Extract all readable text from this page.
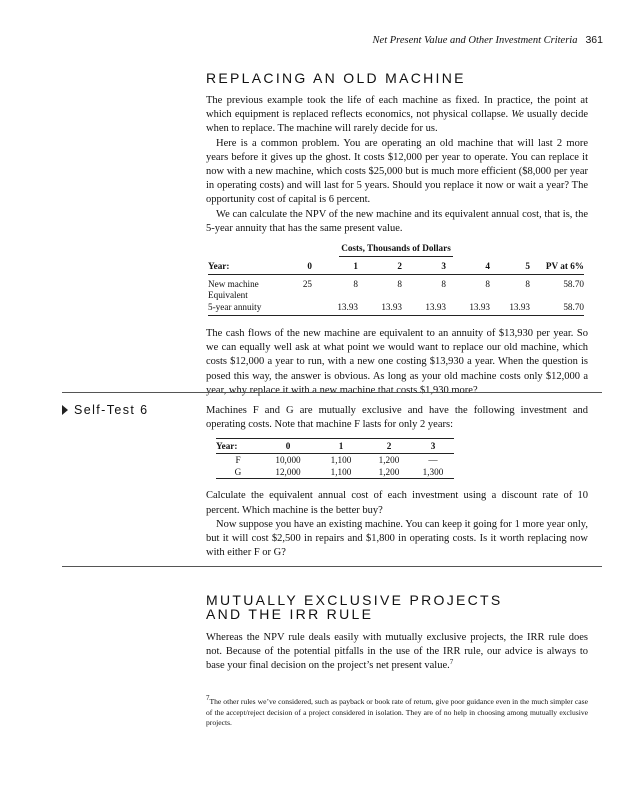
Net Present Value and Other Investment Criteria 361
REPLACING AN OLD MACHINE

The previous example took the life of each machine as fixed. In practice, the point at which equipment is replaced reflects economics, not physical collapse. We usually decide when to replace. The machine will rarely decide for us.

Here is a common problem. You are operating an old machine that will last 2 more years before it gives up the ghost. It costs $12,000 per year to operate. You can replace it now with a new machine, which costs $25,000 but is much more efficient ($8,000 per year in operating costs) and will last for 5 years. Should you replace it now or wait a year? The opportunity cost of capital is 6 percent.

We can calculate the NPV of the new machine and its equivalent annual cost, that is, the 5-year annuity that has the same present value.

Costs, Thousands of Dollars							
Year:	0	1	2	3	4	5	PV at 6%
New machine	25	8	8	8	8	8	58.70
Equivalent							
5-year annuity		13.93	13.93	13.93	13.93	13.93	58.70

The cash flows of the new machine are equivalent to an annuity of $13,930 per year. So we can equally well ask at what point we would want to replace our old machine, which costs $12,000 a year to run, with a new one costing $13,930 a year. When the question is posed this way, the answer is obvious. As long as your old machine costs only $12,000 a year, why replace it with a new machine that costs $1,930 more?

Self-Test 6	Machines F and G are mutually exclusive and have the following investment and operating costs. Note that machine F lasts for only 2 years:

Year:	0	1	2	3
F	10,000	1,100	1,200	—
G	12,000	1,100	1,200	1,300

Calculate the equivalent annual cost of each investment using a discount rate of 10 percent. Which machine is the better buy?

Now suppose you have an existing machine. You can keep it going for 1 more year only, but it will cost $2,500 in repairs and $1,800 in operating costs. Is it worth replacing now with either F or G?

MUTUALLY EXCLUSIVE PROJECTS
AND THE IRR RULE

Whereas the NPV rule deals easily with mutually exclusive projects, the IRR rule does not. Because of the potential pitfalls in the use of the IRR rule, our advice is always to base your final decision on the project’s net present value.$^7$

$^7$The other rules we’ve considered, such as payback or book rate of return, give poor guidance even in the much simpler case of the accept/reject decision of a project considered in isolation. They are of no help in choosing among mutually exclusive projects.
